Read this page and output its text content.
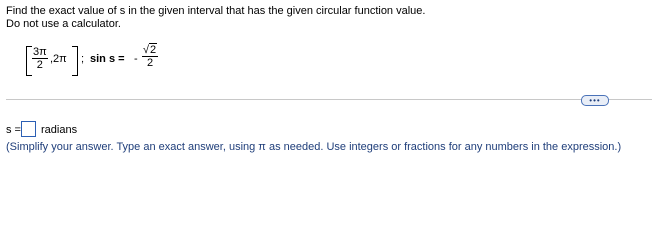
Find the exact value of s in the given interval that has the given circular function value.
Do not use a calculator.
3π
2 ,2π ; sin s = -
√2
2
•••
s = radians
(Simplify your answer. Type an exact answer, using π as needed. Use integers or fractions for any numbers in the expression.)
